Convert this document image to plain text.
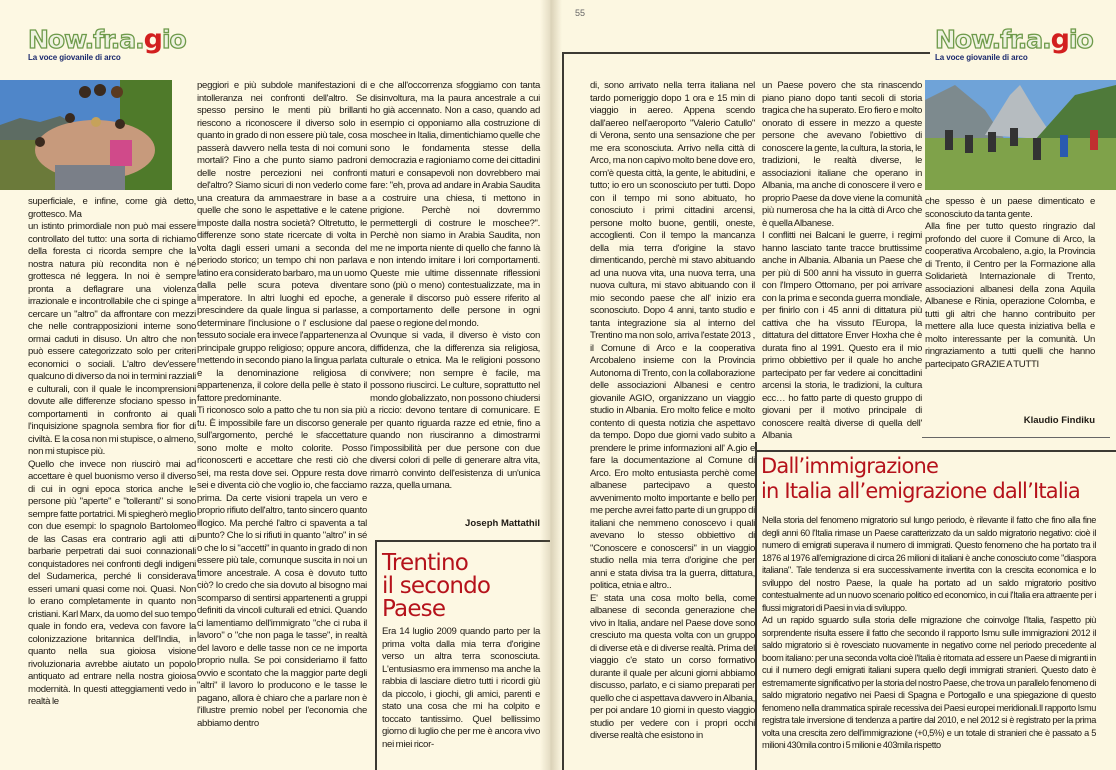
Now.fr.a.gio
La voce giovanile di arco

superficiale, e infine, come già detto, grottesco. Ma

un istinto primordiale non può mai essere controllato del tutto: una sorta di richiamo della foresta ci ricorda sempre che la nostra natura più recondita non è né grottesca né leggera. In noi è sempre pronta a deflagrare una violenza irrazionale e incontrollabile che ci spinge a cercare un "altro" da affrontare con mezzi che nelle contrapposizioni interne sono ormai caduti in disuso. Un altro che non può essere categorizzato solo per criteri economici o sociali. L'altro dev'essere qualcuno di diverso da noi in termini razziali e culturali, con il quale le incomprensioni dovute alle differenze sfociano spesso in comportamenti in confronto ai quali l'inquisizione spagnola sembra fior fior di civiltà. E la cosa non mi stupisce, o almeno, non mi stupisce più.

Quello che invece non riuscirò mai ad accettare è quel buonismo verso il diverso di cui in ogni epoca storica anche le persone più "aperte" e "tolleranti" si sono sempre fatte portatrici. Mi spiegherò meglio con due esempi: lo spagnolo Bartolomeo de las Casas era contrario agli atti di barbarie perpetrati dai suoi connazionali conquistadores nei confronti degli indigeni del Sudamerica, perché li considerava esseri umani quasi come noi. Quasi. Non lo erano completamente in quanto non cristiani. Karl Marx, da uomo del suo tempo quale in fondo era, vedeva con favore la colonizzazione britannica dell'India, in quanto nella sua gioiosa visione rivoluzionaria avrebbe aiutato un popolo antiquato ad entrare nella nostra gioiosa modernità. In questi atteggiamenti vedo in realtà le

peggiori e più subdole manifestazioni di intolleranza nei confronti dell'altro. Se spesso persino le menti più brillanti riescono a riconoscere il diverso solo in quanto in grado di non essere più tale, cosa passerà davvero nella testa di noi comuni mortali? Fino a che punto siamo padroni delle nostre percezioni nei confronti del'altro? Siamo sicuri di non vederlo come una creatura da ammaestrare in base a quelle che sono le aspettative e le catene imposte dalla nostra società? Oltretutto, le differenze sono state ricercate di volta in volta dagli esseri umani a seconda del periodo storico; un tempo chi non parlava latino era considerato barbaro, ma un uomo dalla pelle scura poteva diventare imperatore. In altri luoghi ed epoche, a prescindere da quale lingua si parlasse, a determinare l'inclusione o l' esclusione dal tessuto sociale era invece l'appartenenza al principale gruppo religioso; oppure ancora, mettendo in secondo piano la lingua parlata e la denominazione religiosa di appartenenza, il colore della pelle è stato il fattore predominante.

Ti riconosco solo a patto che tu non sia più tu. È impossibile fare un discorso generale sull'argomento, perché le sfaccettature sono molte e molto colorite. Posso riconoscerti e accettare che resti ciò che sei, ma resta dove sei. Oppure resta dove sei e diventa ciò che voglio io, che facciamo prima. Da certe visioni trapela un vero e proprio rifiuto dell'altro, tanto sincero quanto illogico. Ma perché l'altro ci spaventa a tal punto? Che lo si rifiuti in quanto "altro" in sé o che lo si "accetti" in quanto in grado di non essere più tale, comunque suscita in noi un timore ancestrale. A cosa è dovuto tutto ciò? Io credo che sia dovuto al bisogno mai scomparso di sentirsi appartenenti a gruppi definiti da vincoli culturali ed etnici. Quando ci lamentiamo dell'immigrato "che ci ruba il lavoro" o "che non paga le tasse", in realtà del lavoro e delle tasse non ce ne importa proprio nulla. Se poi consideriamo il fatto ovvio e scontato che la maggior parte degli "altri" il lavoro lo producono e le tasse le pagano, allora è chiaro che a parlare non è l'illustre premio nobel per l'economia che abbiamo dentro

e che all'occorrenza sfoggiamo con tanta disinvoltura, ma la paura ancestrale a cui ho già accennato. Non a caso, quando ad esempio ci opponiamo alla costruzione di moschee in Italia, dimentichiamo quelle che sono le fondamenta stesse della democrazia e ragioniamo come dei cittadini maturi e consapevoli non dovrebbero mai fare: "eh, prova ad andare in Arabia Saudita a costruire una chiesa, ti mettono in prigione. Perchè noi dovremmo permettergli di costrure le moschee?". Perchè non siamo in Arabia Saudita, non me ne importa niente di quello che fanno là e non intendo imitare i lori comportamenti. Queste mie ultime dissennate riflessioni sono (più o meno) contestualizzate, ma in generale il discorso può essere riferito al comportamento delle persone in ogni paese o regione del mondo.

Ovunque si vada, il diverso è visto con diffidenza, che la differenza sia religiosa, culturale o etnica. Ma le religioni possono convivere; non sempre è facile, ma possono riuscirci. Le culture, soprattutto nel mondo globalizzato, non possono chiudersi a riccio: devono tentare di comunicare. E per quanto riguarda razze ed etnie, fino a quando non riusciranno a dimostrarmi l'impossibilità per due persone con due diversi colori di pelle di generare altra vita, rimarrò convinto dell'esistenza di un'unica razza, quella umana.

Joseph Mattathil
Trentino
il secondo
Paese

Era 14 luglio 2009 quando parto per la prima volta dalla mia terra d'origine verso un altra terra sconosciuta. L'entusiasmo era immenso ma anche la rabbia di lasciare dietro tutti i ricordi giù da piccolo, i giochi, gli amici, parenti e stato una cosa che mi ha colpito e toccato tantissimo. Quel bellissimo giorno di luglio che per me è ancora vivo nei miei ricor-

55
Now.fr.a.gio
La voce giovanile di arco

di, sono arrivato nella terra italiana nel tardo pomeriggio dopo 1 ora e 15 min di viaggio in aereo. Appena scendo dall'aereo nell'aeroporto "Valerio Catullo" di Verona, sento una sensazione che per me era sconosciuta. Arrivo nella città di Arco, ma non capivo molto bene dove ero, com'è questa città, la gente, le abitudini, e tutto; io ero un sconosciuto per tutti. Dopo con il tempo mi sono abituato, ho conosciuto i primi cittadini arcensi, persone molto buone, gentili, oneste, accoglienti. Con il tempo la mancanza della mia terra d'origine la stavo dimenticando, perchè mi stavo abituando ad una nuova vita, una nuova terra, una nuova cultura, mi stavo abituando con il mio secondo paese che all' inizio era sconosciuto. Dopo 4 anni, tanto studio e tanta integrazione sia al interno del Trentino ma non solo, arriva l'estate 2013 , il Comune di Arco e la cooperativa Arcobaleno insieme con la Provincia Autonoma di Trento, con la collaborazione delle associazioni Albanesi e centro giovanile AGIO, organizzano un viaggio studio in Albania. Ero molto felice e molto contento di questa notizia che aspettavo da tempo. Dopo due giorni vado subito a prendere le prime informazioni all' A.gio e fare la documentazione al Comune di Arco. Ero molto entusiasta perchè come albanese partecipavo a questo avvenimento molto importante e bello per me perche avrei fatto parte di un gruppo di italiani che nemmeno conoscevo i quali avevano lo stesso obbiettivo di "Conoscere e conoscersi" in un viaggio studio nella mia terra d'origine che per anni e stata divisa tra la guerra, dittatura, politica, etnia e altro..

E' stata una cosa molto bella, come albanese di seconda generazione che vivo in Italia, andare nel Paese dove sono cresciuto ma questa volta con un gruppo di diverse età e di diverse realtà. Prima del viaggio c'e stato un corso formativo durante il quale per alcuni giorni abbiamo discusso, parlato, e ci siamo preparati per quello che ci aspettava davvero in Albania, per poi andare 10 giorni in questo viaggio studio per vedere con i propri occhi diverse realtà che esistono in

un Paese povero che sta rinascendo piano piano dopo tanti secoli di storia tragica che ha superato. Ero fiero e molto onorato di essere in mezzo a queste persone che avevano l'obiettivo di conoscere la gente, la cultura, la storia, le tradizioni, le realtà diverse, le associazioni italiane che operano in Albania, ma anche di conoscere il vero e proprio Paese da dove viene la comunità più numerosa che ha la città di Arco che è quella Albanese.

I conflitti nei Balcani le guerre, i regimi hanno lasciato tante tracce bruttissime anche in Albania. Albania un Paese che per più di 500 anni ha vissuto in guerra con l'Impero Ottomano, per poi arrivare con la prima e seconda guerra mondiale, per finirlo con i 45 anni di dittatura più cattiva che ha vissuto l'Europa, la dittatura del dittatore Enver Hoxha che è durata fino al 1991. Questo era il mio primo obbiettivo per il quale ho anche partecipato per far vedere ai concittadini arcensi la storia, le tradizioni, la cultura ecc… ho fatto parte di questo gruppo di giovani per il motivo principale di conoscere realtà diverse di quella dell' Albania

che spesso è un paese dimenticato e sconosciuto da tanta gente.

Alla fine per tutto questo ringrazio dal profondo del cuore il Comune di Arco, la cooperativa Arcobaleno, a.gio, la Provincia di Trento, il Centro per la Formazione alla Solidarietà Internazionale di Trento, associazioni albanesi della zona Aquila Albanese e Rinia, operazione Colomba, e tutti gli altri che hanno contribuito per mettere alla luce questa iniziativa bella e molto interessante per la comunità. Un ringraziamento a tutti quelli che hanno partecipato GRAZIE A TUTTI

Klaudio Findiku
Dall’immigrazione
in Italia all’emigrazione dall’Italia

Nella storia del fenomeno migratorio sul lungo periodo, è rilevante il fatto che fino alla fine degli anni 60 l'Italia rimase un Paese caratterizzato da un saldo migratorio negativo: cioè il numero di emigrati superava il numero di immigrati. Questo fenomeno che ha portato tra il 1876 al 1976 all'emigrazione di circa 26 milioni di italiani è anche conosciuto come "diaspora italiana". Tale tendenza si era successivamente invertita con la crescita economica e lo sviluppo del nostro Paese, la quale ha portato ad un saldo migratorio positivo contestualmente ad un nuovo scenario politico ed economico, in cui l'Italia era attraente per i flussi migratori di Paesi in via di sviluppo.

Ad un rapido sguardo sulla storia delle migrazione che coinvolge l'Italia, l'aspetto più sorprendente risulta essere il fatto che secondo il rapporto Ismu sulle immigrazioni 2012 il saldo migratorio si è rovesciato nuovamente in negativo come nel periodo precedente al boom italiano: per una seconda volta cioè l'Italia è ritornata ad essere un Paese di migranti in cui il numero degli emigrati italiani supera quello degli immigrati stranieri. Questo dato è estremamente significativo per la storia del nostro Paese, che trova un parallelo fenomeno di saldo migratorio negativo nei Paesi di Spagna e Portogallo e una spiegazione di questo fenomeno nella drammatica spirale recessiva dei Paesi europei meridionali.Il rapporto Ismu registra tale inversione di tendenza a partire dal 2010, e nel 2012 si è registrato per la prima volta una crescita zero dell'immigrazione (+0,5%) e un totale di stranieri che è passato a 5 milioni 430mila contro i 5 milioni e 403mila rispetto
